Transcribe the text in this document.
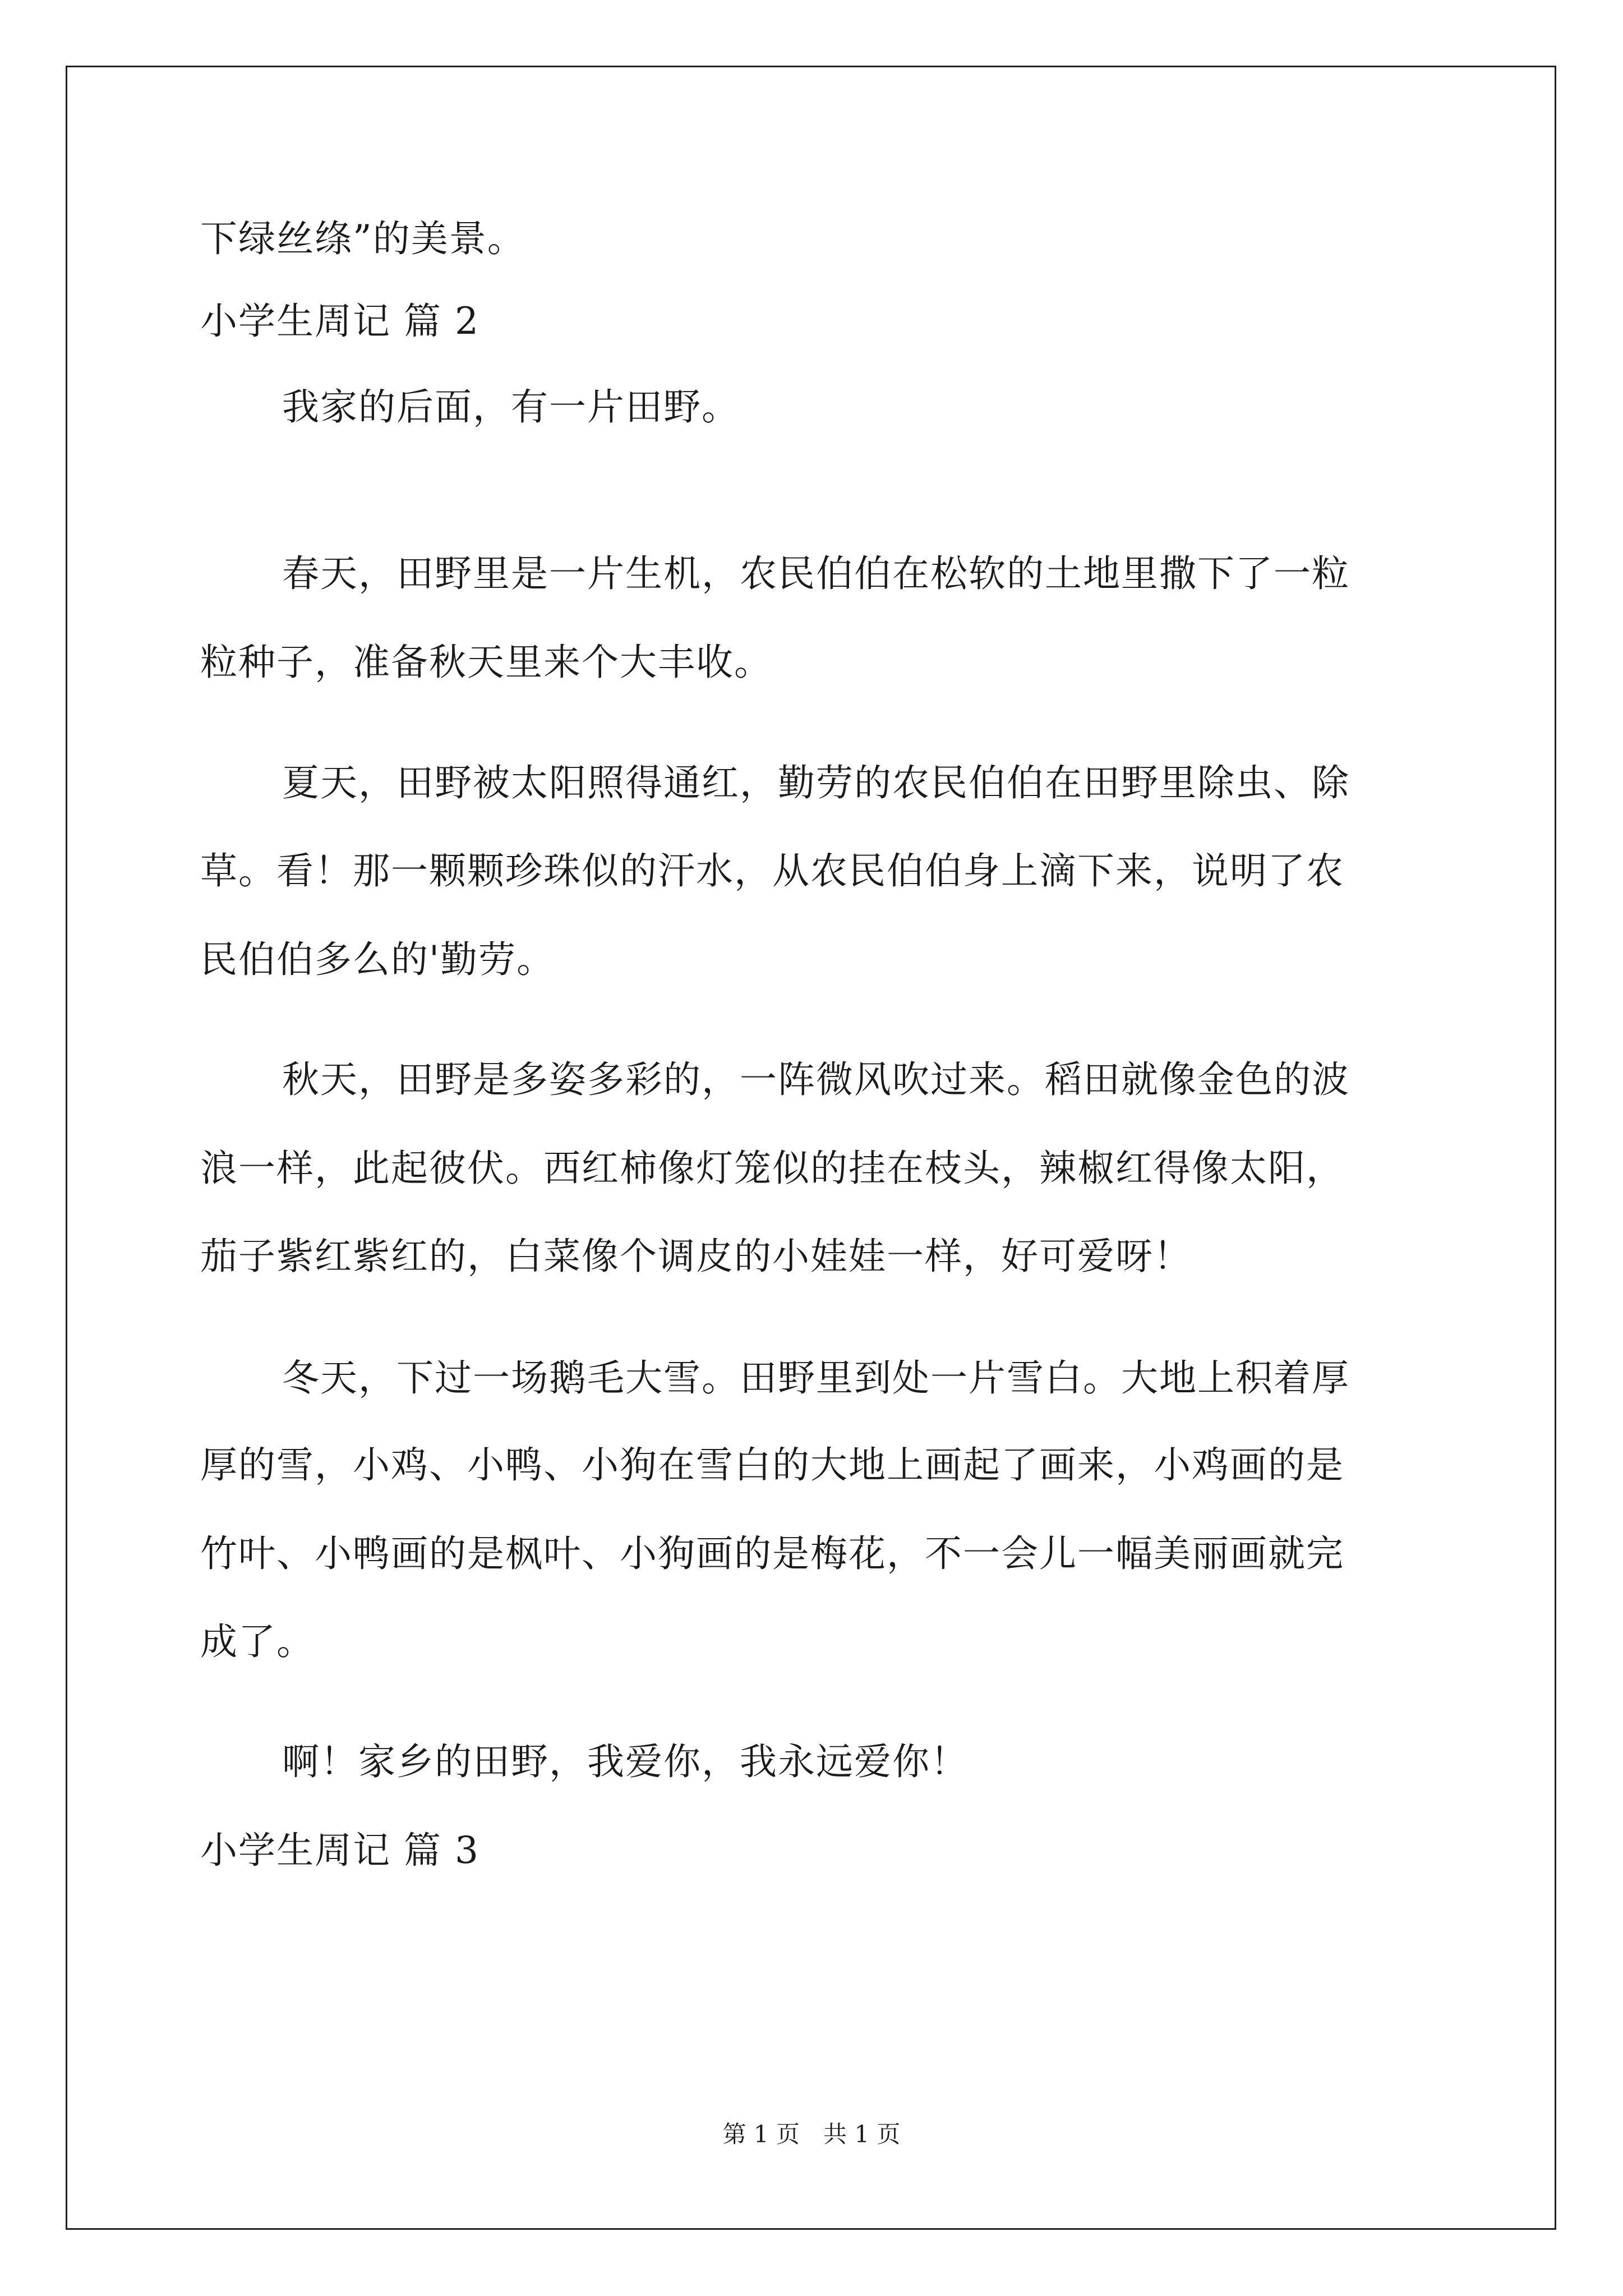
下绿丝绦”的美景。
小学生周记 篇 2
我家的后面，有一片田野。
春天，田野里是一片生机，农民伯伯在松软的土地里撒下了一粒
粒种子，准备秋天里来个大丰收。
夏天，田野被太阳照得通红，勤劳的农民伯伯在田野里除虫、除
草。看！那一颗颗珍珠似的汗水，从农民伯伯身上滴下来，说明了农
民伯伯多么的'勤劳。
秋天，田野是多姿多彩的，一阵微风吹过来。稻田就像金色的波
浪一样，此起彼伏。西红柿像灯笼似的挂在枝头，辣椒红得像太阳，
茄子紫红紫红的，白菜像个调皮的小娃娃一样，好可爱呀！
冬天，下过一场鹅毛大雪。田野里到处一片雪白。大地上积着厚
厚的雪，小鸡、小鸭、小狗在雪白的大地上画起了画来，小鸡画的是
竹叶、小鸭画的是枫叶、小狗画的是梅花，不一会儿一幅美丽画就完
成了。
啊！家乡的田野，我爱你，我永远爱你！
小学生周记 篇 3
第 1 页　共 1 页
